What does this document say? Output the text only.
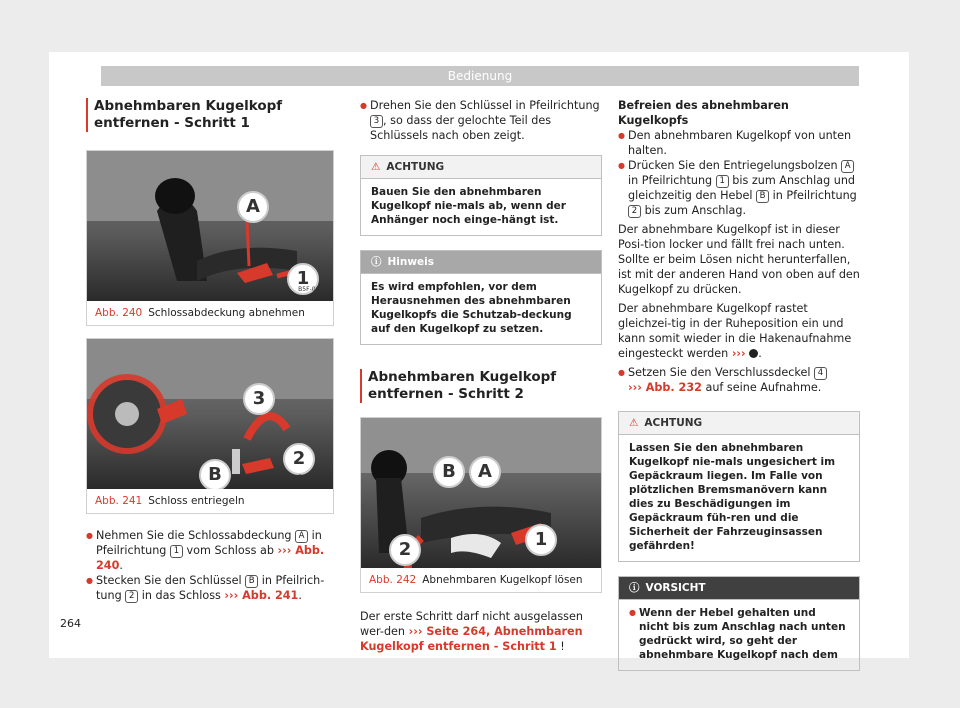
Bedienung
Abnehmbaren Kugelkopf entfernen - Schritt 1
A
1
B5F-0671
Abb. 240 Schlossabdeckung abnehmen
3
2
B	B5F-0672
Abb. 241 Schloss entriegeln

● Nehmen Sie die Schlossabdeckung A in Pfeilrichtung 1 vom Schloss ab ››› Abb. 240.

● Stecken Sie den Schlüssel B in Pfeilrich-tung 2 in das Schloss ››› Abb. 241.

● Drehen Sie den Schlüssel in Pfeilrichtung 3 , so dass der gelochte Teil des Schlüssels nach oben zeigt.

⚠ ACHTUNG
Bauen Sie den abnehmbaren Kugelkopf nie-mals ab, wenn der Anhänger noch einge-hängt ist.
ⓘ Hinweis
Es wird empfohlen, vor dem Herausnehmen des abnehmbaren Kugelkopfs die Schutzab-deckung auf den Kugelkopf zu setzen.
Abnehmbaren Kugelkopf entfernen - Schritt 2
B	A
2	1
B5F-0673
Abb. 242 Abnehmbaren Kugelkopf lösen

Der erste Schritt darf nicht ausgelassen wer-den ››› Seite 264, Abnehmbaren Kugelkopf entfernen - Schritt 1 !

Befreien des abnehmbaren Kugelkopfs

● Den abnehmbaren Kugelkopf von unten halten.

● Drücken Sie den Entriegelungsbolzen A in Pfeilrichtung 1 bis zum Anschlag und gleichzeitig den Hebel B in Pfeilrichtung 2 bis zum Anschlag.

Der abnehmbare Kugelkopf ist in dieser Posi-tion locker und fällt frei nach unten. Sollte er beim Lösen nicht herunterfallen, ist mit der anderen Hand von oben auf den Kugelkopf zu drücken.

Der abnehmbare Kugelkopf rastet gleichzei-tig in der Ruheposition ein und kann somit wieder in die Hakenaufnahme eingesteckt werden ››› .

● Setzen Sie den Verschlussdeckel 4
››› Abb. 232 auf seine Aufnahme.

⚠ ACHTUNG
Lassen Sie den abnehmbaren Kugelkopf nie-mals ungesichert im Gepäckraum liegen. Im Falle von plötzlichen Bremsmanövern kann dies zu Beschädigungen im Gepäckraum füh-ren und die Sicherheit der Fahrzeuginsassen gefährden!
ⓘ VORSICHT

● Wenn der Hebel gehalten und nicht bis zum Anschlag nach unten gedrückt wird, so geht der abnehmbare Kugelkopf nach dem

264
